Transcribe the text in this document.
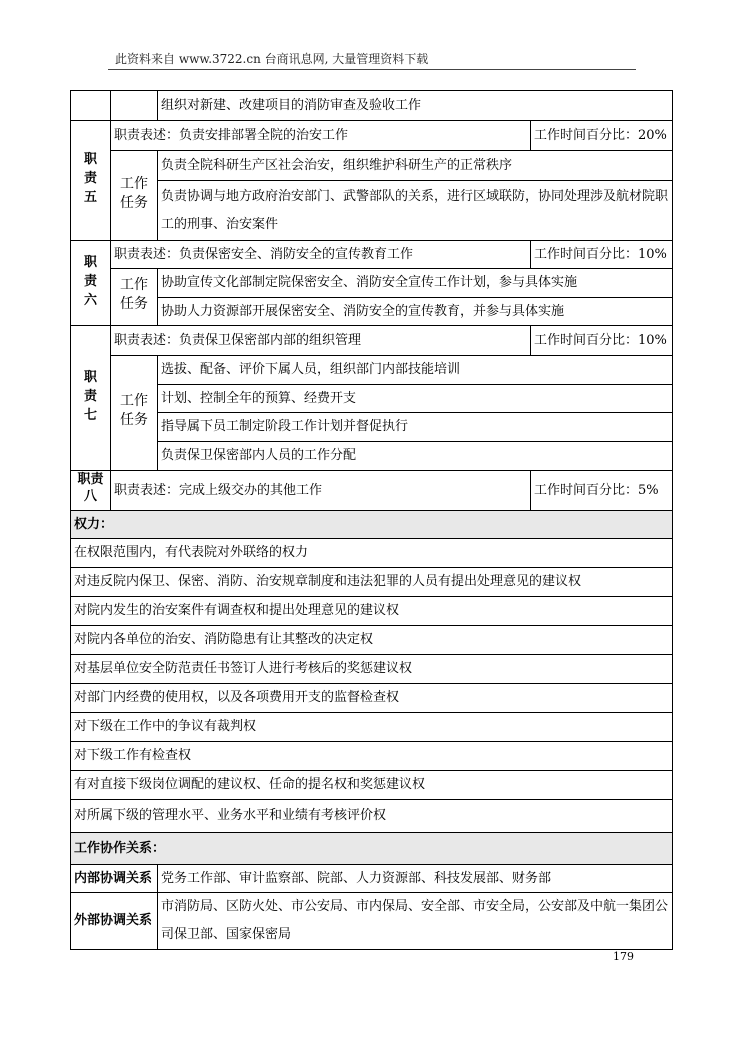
此资料来自 www.3722.cn 台商讯息网, 大量管理资料下载
		组织对新建、改建项目的消防审查及验收工作	
职责五	职责表述：负责安排部署全院的治安工作		工作时间百分比：20%
	工作任务	负责全院科研生产区社会治安，组织维护科研生产的正常秩序	
		负责协调与地方政府治安部门、武警部队的关系，进行区域联防，协同处理涉及航材院职工的刑事、治安案件	
职责六	职责表述：负责保密安全、消防安全的宣传教育工作		工作时间百分比：10%
	工作任务	协助宣传文化部制定院保密安全、消防安全宣传工作计划，参与具体实施	
		协助人力资源部开展保密安全、消防安全的宣传教育，并参与具体实施	
职责七	职责表述：负责保卫保密部内部的组织管理		工作时间百分比：10%
	工作任务	选拔、配备、评价下属人员，组织部门内部技能培训	
		计划、控制全年的预算、经费开支	
		指导属下员工制定阶段工作计划并督促执行	
		负责保卫保密部内人员的工作分配	
职责八	职责表述：完成上级交办的其他工作		工作时间百分比：5%
权力：			
在权限范围内，有代表院对外联络的权力			
对违反院内保卫、保密、消防、治安规章制度和违法犯罪的人员有提出处理意见的建议权			
对院内发生的治安案件有调查权和提出处理意见的建议权			
对院内各单位的治安、消防隐患有让其整改的决定权			
对基层单位安全防范责任书签订人进行考核后的奖惩建议权			
对部门内经费的使用权，以及各项费用开支的监督检查权			
对下级在工作中的争议有裁判权			
对下级工作有检查权			
有对直接下级岗位调配的建议权、任命的提名权和奖惩建议权			
对所属下级的管理水平、业务水平和业绩有考核评价权			
工作协作关系：			
内部协调关系		党务工作部、审计监察部、院部、人力资源部、科技发展部、财务部	
外部协调关系		市消防局、区防火处、市公安局、市内保局、安全部、市安全局，公安部及中航一集团公司保卫部、国家保密局	
179
